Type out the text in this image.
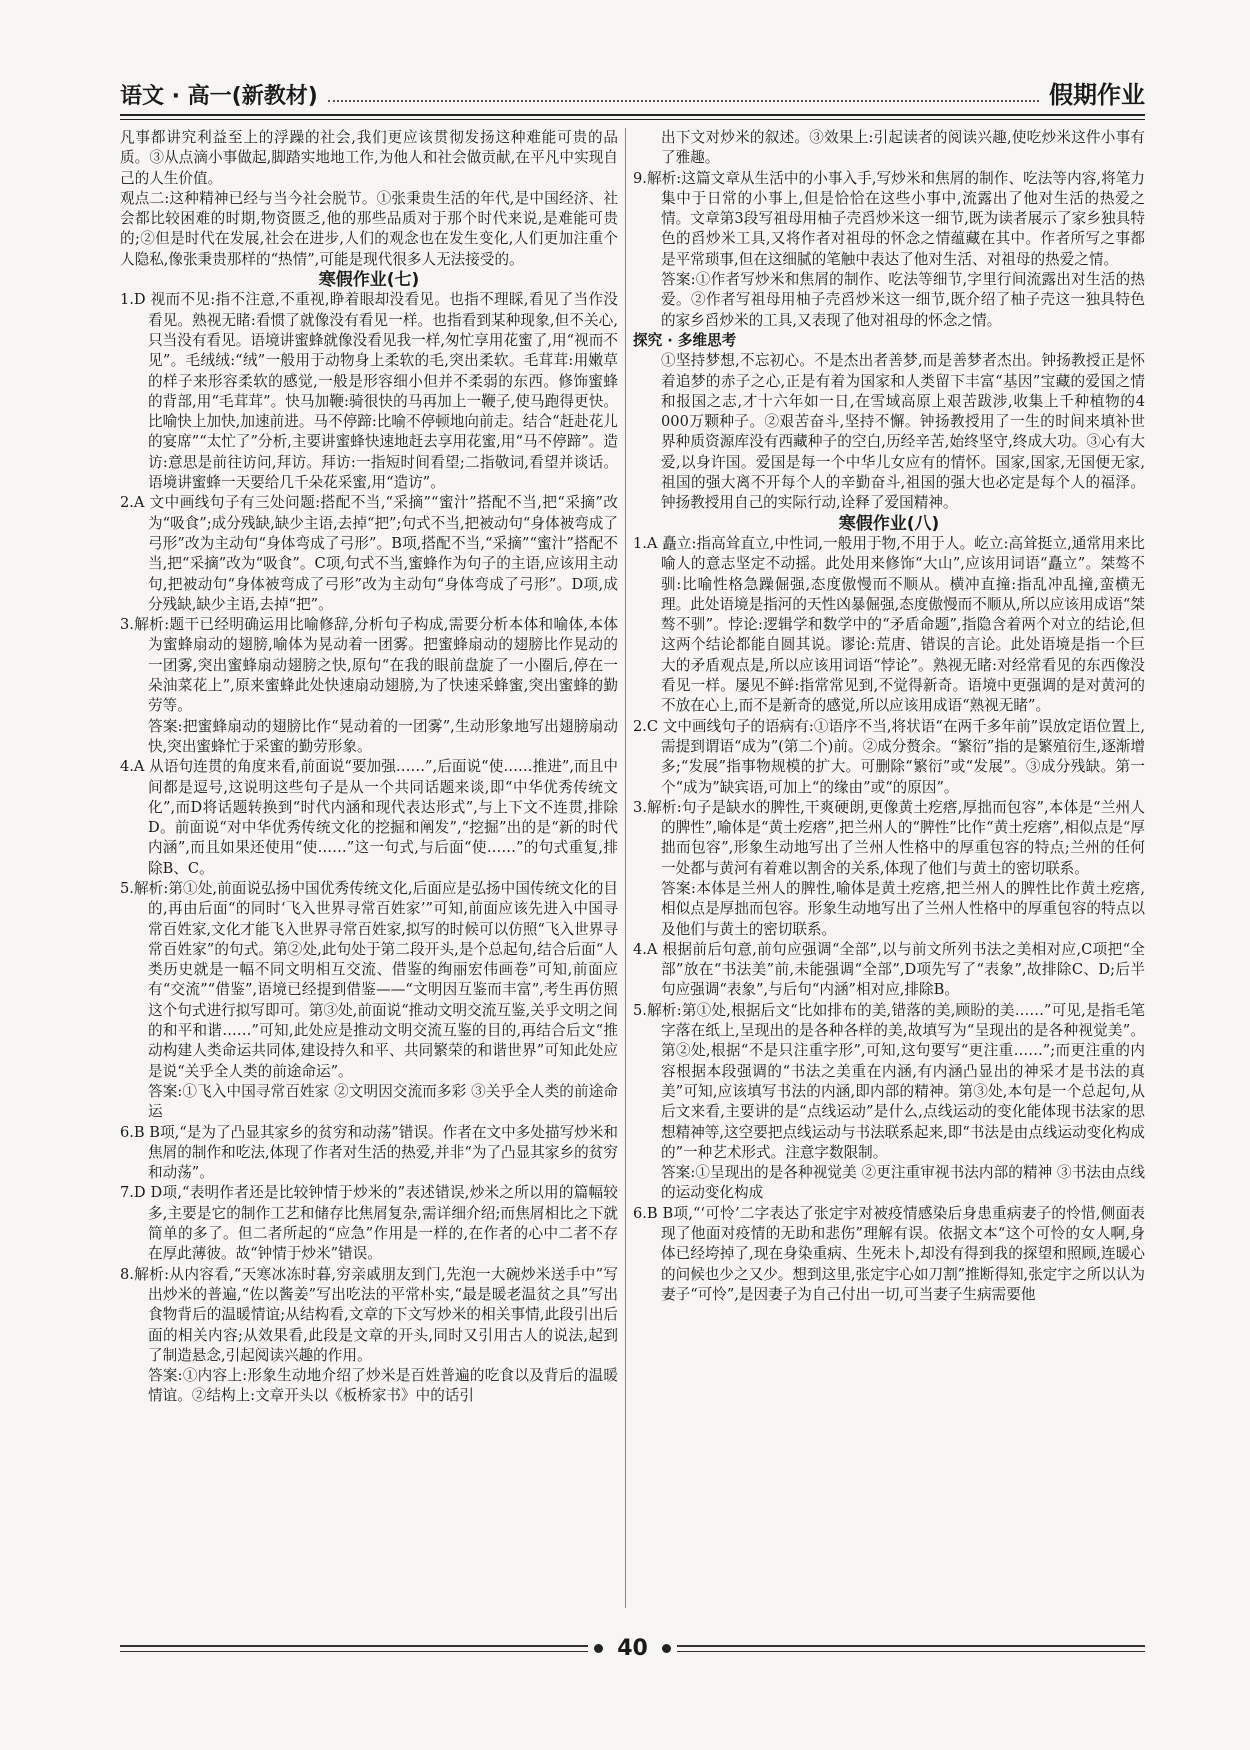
语文 · 高一(新教材)	假期作业

凡事都讲究利益至上的浮躁的社会,我们更应该贯彻发扬这种难能可贵的品质。③从点滴小事做起,脚踏实地地工作,为他人和社会做贡献,在平凡中实现自己的人生价值。

观点二:这种精神已经与当今社会脱节。①张秉贵生活的年代,是中国经济、社会都比较困难的时期,物资匮乏,他的那些品质对于那个时代来说,是难能可贵的;②但是时代在发展,社会在进步,人们的观念也在发生变化,人们更加注重个人隐私,像张秉贵那样的“热情”,可能是现代很多人无法接受的。

寒假作业(七)

1.D 视而不见:指不注意,不重视,睁着眼却没看见。也指不理睬,看见了当作没看见。熟视无睹:看惯了就像没有看见一样。也指看到某种现象,但不关心,只当没有看见。语境讲蜜蜂就像没看见我一样,匆忙享用花蜜了,用“视而不见”。毛绒绒:“绒”一般用于动物身上柔软的毛,突出柔软。毛茸茸:用嫩草的样子来形容柔软的感觉,一般是形容细小但并不柔弱的东西。修饰蜜蜂的背部,用“毛茸茸”。快马加鞭:骑很快的马再加上一鞭子,使马跑得更快。比喻快上加快,加速前进。马不停蹄:比喻不停顿地向前走。结合“赶赴花儿的宴席”“太忙了”分析,主要讲蜜蜂快速地赶去享用花蜜,用“马不停蹄”。造访:意思是前往访问,拜访。拜访:一指短时间看望;二指敬词,看望并谈话。语境讲蜜蜂一天要给几千朵花采蜜,用“造访”。

2.A 文中画线句子有三处问题:搭配不当,“采摘”“蜜汁”搭配不当,把“采摘”改为“吸食”;成分残缺,缺少主语,去掉“把”;句式不当,把被动句“身体被弯成了弓形”改为主动句“身体弯成了弓形”。B项,搭配不当,“采摘”“蜜汁”搭配不当,把“采摘”改为“吸食”。C项,句式不当,蜜蜂作为句子的主语,应该用主动句,把被动句“身体被弯成了弓形”改为主动句“身体弯成了弓形”。D项,成分残缺,缺少主语,去掉“把”。

3.解析:题干已经明确运用比喻修辞,分析句子构成,需要分析本体和喻体,本体为蜜蜂扇动的翅膀,喻体为晃动着一团雾。把蜜蜂扇动的翅膀比作晃动的一团雾,突出蜜蜂扇动翅膀之快,原句“在我的眼前盘旋了一小圈后,停在一朵油菜花上”,原来蜜蜂此处快速扇动翅膀,为了快速采蜂蜜,突出蜜蜂的勤劳等。

答案:把蜜蜂扇动的翅膀比作“晃动着的一团雾”,生动形象地写出翅膀扇动快,突出蜜蜂忙于采蜜的勤劳形象。

4.A 从语句连贯的角度来看,前面说“要加强……”,后面说“使……推进”,而且中间都是逗号,这说明这些句子是从一个共同话题来谈,即“中华优秀传统文化”,而D将话题转换到“时代内涵和现代表达形式”,与上下文不连贯,排除D。前面说“对中华优秀传统文化的挖掘和阐发”,“挖掘”出的是“新的时代内涵”,而且如果还使用“使……”这一句式,与后面“使……”的句式重复,排除B、C。

5.解析:第①处,前面说弘扬中国优秀传统文化,后面应是弘扬中国传统文化的目的,再由后面“的同时‘飞入世界寻常百姓家’”可知,前面应该先进入中国寻常百姓家,文化才能飞入世界寻常百姓家,拟写的时候可以仿照“飞入世界寻常百姓家”的句式。第②处,此句处于第二段开头,是个总起句,结合后面“人类历史就是一幅不同文明相互交流、借鉴的绚丽宏伟画卷”可知,前面应有“交流”“借鉴”,语境已经提到借鉴——“文明因互鉴而丰富”,考生再仿照这个句式进行拟写即可。第③处,前面说“推动文明交流互鉴,关乎文明之间的和平和谐……”可知,此处应是推动文明交流互鉴的目的,再结合后文“推动构建人类命运共同体,建设持久和平、共同繁荣的和谐世界”可知此处应是说“关乎全人类的前途命运”。

答案:①飞入中国寻常百姓家 ②文明因交流而多彩 ③关乎全人类的前途命运

6.B B项,“是为了凸显其家乡的贫穷和动荡”错误。作者在文中多处描写炒米和焦屑的制作和吃法,体现了作者对生活的热爱,并非“为了凸显其家乡的贫穷和动荡”。

7.D D项,“表明作者还是比较钟情于炒米的”表述错误,炒米之所以用的篇幅较多,主要是它的制作工艺和储存比焦屑复杂,需详细介绍;而焦屑相比之下就简单的多了。但二者所起的“应急”作用是一样的,在作者的心中二者不存在厚此薄彼。故“钟情于炒米”错误。

8.解析:从内容看,“天寒冰冻时暮,穷亲戚朋友到门,先泡一大碗炒米送手中”写出炒米的普遍,“佐以酱姜”写出吃法的平常朴实,“最是暖老温贫之具”写出食物背后的温暖情谊;从结构看,文章的下文写炒米的相关事情,此段引出后面的相关内容;从效果看,此段是文章的开头,同时又引用古人的说法,起到了制造悬念,引起阅读兴趣的作用。

答案:①内容上:形象生动地介绍了炒米是百姓普遍的吃食以及背后的温暖情谊。②结构上:文章开头以《板桥家书》中的话引

出下文对炒米的叙述。③效果上:引起读者的阅读兴趣,使吃炒米这件小事有了雅趣。

9.解析:这篇文章从生活中的小事入手,写炒米和焦屑的制作、吃法等内容,将笔力集中于日常的小事上,但是恰恰在这些小事中,流露出了他对生活的热爱之情。文章第3段写祖母用柚子壳舀炒米这一细节,既为读者展示了家乡独具特色的舀炒米工具,又将作者对祖母的怀念之情蕴藏在其中。作者所写之事都是平常琐事,但在这细腻的笔触中表达了他对生活、对祖母的热爱之情。

答案:①作者写炒米和焦屑的制作、吃法等细节,字里行间流露出对生活的热爱。②作者写祖母用柚子壳舀炒米这一细节,既介绍了柚子壳这一独具特色的家乡舀炒米的工具,又表现了他对祖母的怀念之情。

探究 · 多维思考

①坚持梦想,不忘初心。不是杰出者善梦,而是善梦者杰出。钟扬教授正是怀着追梦的赤子之心,正是有着为国家和人类留下丰富“基因”宝藏的爱国之情和报国之志,才十六年如一日,在雪域高原上艰苦跋涉,收集上千种植物的4 000万颗种子。②艰苦奋斗,坚持不懈。钟扬教授用了一生的时间来填补世界种质资源库没有西藏种子的空白,历经辛苦,始终坚守,终成大功。③心有大爱,以身许国。爱国是每一个中华儿女应有的情怀。国家,国家,无国便无家,祖国的强大离不开每个人的辛勤奋斗,祖国的强大也必定是每个人的福泽。钟扬教授用自己的实际行动,诠释了爱国精神。

寒假作业(八)

1.A 矗立:指高耸直立,中性词,一般用于物,不用于人。屹立:高耸挺立,通常用来比喻人的意志坚定不动摇。此处用来修饰“大山”,应该用词语“矗立”。桀骜不驯:比喻性格急躁倔强,态度傲慢而不顺从。横冲直撞:指乱冲乱撞,蛮横无理。此处语境是指河的天性凶暴倔强,态度傲慢而不顺从,所以应该用成语“桀骜不驯”。悖论:逻辑学和数学中的“矛盾命题”,指隐含着两个对立的结论,但这两个结论都能自圆其说。谬论:荒唐、错误的言论。此处语境是指一个巨大的矛盾观点是,所以应该用词语“悖论”。熟视无睹:对经常看见的东西像没看见一样。屡见不鲜:指常常见到,不觉得新奇。语境中更强调的是对黄河的不放在心上,而不是新奇的感觉,所以应该用成语“熟视无睹”。

2.C 文中画线句子的语病有:①语序不当,将状语“在两千多年前”误放定语位置上,需提到谓语“成为”(第二个)前。②成分赘余。“繁衍”指的是繁殖衍生,逐渐增多;“发展”指事物规模的扩大。可删除“繁衍”或“发展”。③成分残缺。第一个“成为”缺宾语,可加上“的缘由”或“的原因”。

3.解析:句子是缺水的脾性,干爽硬朗,更像黄土疙瘩,厚拙而包容”,本体是“兰州人的脾性”,喻体是“黄土疙瘩”,把兰州人的“脾性”比作“黄土疙瘩”,相似点是“厚拙而包容”,形象生动地写出了兰州人性格中的厚重包容的特点;兰州的任何一处都与黄河有着难以割舍的关系,体现了他们与黄土的密切联系。

答案:本体是兰州人的脾性,喻体是黄土疙瘩,把兰州人的脾性比作黄土疙瘩,相似点是厚拙而包容。形象生动地写出了兰州人性格中的厚重包容的特点以及他们与黄土的密切联系。

4.A 根据前后句意,前句应强调“全部”,以与前文所列书法之美相对应,C项把“全部”放在“书法美”前,未能强调“全部”,D项先写了“表象”,故排除C、D;后半句应强调“表象”,与后句“内涵”相对应,排除B。

5.解析:第①处,根据后文“比如排布的美,错落的美,顾盼的美……”可见,是指毛笔字落在纸上,呈现出的是各种各样的美,故填写为“呈现出的是各种视觉美”。第②处,根据“不是只注重字形”,可知,这句要写“更注重……”;而更注重的内容根据本段强调的“书法之美重在内涵,有内涵凸显出的神采才是书法的真美”可知,应该填写书法的内涵,即内部的精神。第③处,本句是一个总起句,从后文来看,主要讲的是“点线运动”是什么,点线运动的变化能体现书法家的思想精神等,这空要把点线运动与书法联系起来,即“书法是由点线运动变化构成的”一种艺术形式。注意字数限制。

答案:①呈现出的是各种视觉美 ②更注重审视书法内部的精神 ③书法由点线的运动变化构成

6.B B项,“‘可怜’二字表达了张定宇对被疫情感染后身患重病妻子的怜惜,侧面表现了他面对疫情的无助和悲伤”理解有误。依据文本“这个可怜的女人啊,身体已经垮掉了,现在身染重病、生死未卜,却没有得到我的探望和照顾,连暖心的问候也少之又少。想到这里,张定宇心如刀割”推断得知,张定宇之所以认为妻子“可怜”,是因妻子为自己付出一切,可当妻子生病需要他

40
